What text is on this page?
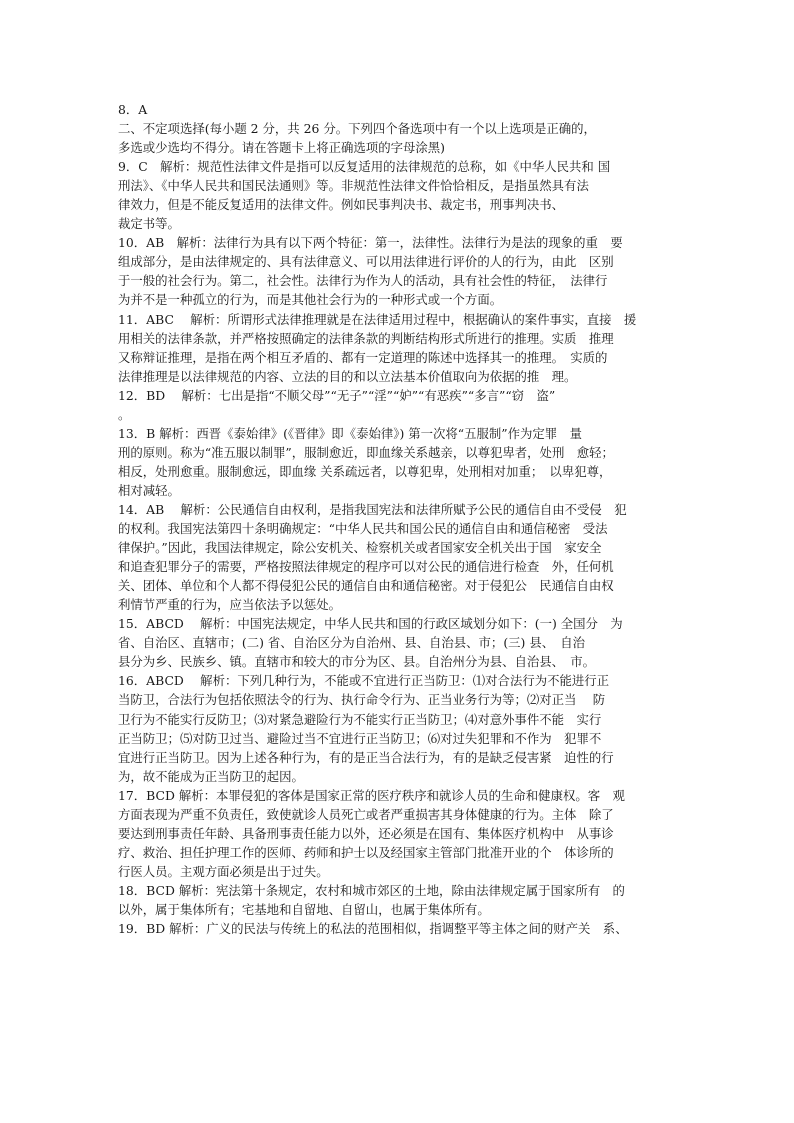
8．A
二、不定项选择(每小题 2 分，共 26 分。下列四个备选项中有一个以上选项是正确的，
多选或少选均不得分。请在答题卡上将正确选项的字母涂黑)
9．C　解析：规范性法律文件是指可以反复适用的法律规范的总称，如《中华人民共和 国
刑法》、《中华人民共和国民法通则》等。非规范性法律文件恰恰相反，是指虽然具有法
律效力，但是不能反复适用的法律文件。例如民事判决书、裁定书，刑事判决书、
裁定书等。
10．AB　解析：法律行为具有以下两个特征：第一，法律性。法律行为是法的现象的重　要
组成部分，是由法律规定的、具有法律意义、可以用法律进行评价的人的行为，由此　区别
于一般的社会行为。第二，社会性。法律行为作为人的活动，具有社会性的特征，　法律行
为并不是一种孤立的行为，而是其他社会行为的一种形式或一个方面。
11．ABC　 解析：所谓形式法律推理就是在法律适用过程中，根据确认的案件事实，直接　援
用相关的法律条款，并严格按照确定的法律条款的判断结构形式所进行的推理。实质　推理
又称辩证推理，是指在两个相互矛盾的、都有一定道理的陈述中选择其一的推理。　实质的
法律推理是以法律规范的内容、立法的目的和以立法基本价值取向为依据的推　理。
12．BD　 解析：七出是指“不顺父母”“无子”“淫”“妒”“有恶疾”“多言”“窃　盗”
。
13．B 解析：西晋《泰始律》(《晋律》即《泰始律》) 第一次将“五服制”作为定罪　量
刑的原则。称为“准五服以制罪”，服制愈近，即血缘关系越亲，以尊犯卑者，处刑　愈轻；
相反，处刑愈重。服制愈远，即血缘 关系疏远者，以尊犯卑，处刑相对加重；　以卑犯尊，
相对减轻。
14．AB　 解析：公民通信自由权利，是指我国宪法和法律所赋予公民的通信自由不受侵　犯
的权利。我国宪法第四十条明确规定：“中华人民共和国公民的通信自由和通信秘密　受法
律保护。”因此，我国法律规定，除公安机关、检察机关或者国家安全机关出于国　家安全
和追查犯罪分子的需要，严格按照法律规定的程序可以对公民的通信进行检查　外，任何机
关、团体、单位和个人都不得侵犯公民的通信自由和通信秘密。对于侵犯公　民通信自由权
利情节严重的行为，应当依法予以惩处。
15．ABCD　 解析：中国宪法规定，中华人民共和国的行政区域划分如下：(一) 全国分　为
省、自治区、直辖市；(二) 省、自治区分为自治州、县、自治县、市；(三) 县、　自治
县分为乡、民族乡、镇。直辖市和较大的市分为区、县。自治州分为县、自治县、　市。
16．ABCD　 解析：下列几种行为，不能或不宜进行正当防卫：⑴对合法行为不能进行正
当防卫，合法行为包括依照法令的行为、执行命令行为、正当业务行为等；⑵对正当　 防
卫行为不能实行反防卫；⑶对紧急避险行为不能实行正当防卫；⑷对意外事件不能　实行
正当防卫；⑸对防卫过当、避险过当不宜进行正当防卫；⑹对过失犯罪和不作为　犯罪不
宜进行正当防卫。因为上述各种行为，有的是正当合法行为，有的是缺乏侵害紧　迫性的行
为，故不能成为正当防卫的起因。
17．BCD 解析：本罪侵犯的客体是国家正常的医疗秩序和就诊人员的生命和健康权。客　观
方面表现为严重不负责任，致使就诊人员死亡或者严重损害其身体健康的行为。主体　除了
要达到刑事责任年龄、具备刑事责任能力以外，还必须是在国有、集体医疗机构中　从事诊
疗、救治、担任护理工作的医师、药师和护士以及经国家主管部门批准开业的个　体诊所的
行医人员。主观方面必须是出于过失。
18．BCD 解析：宪法第十条规定，农村和城市郊区的土地，除由法律规定属于国家所有　的
以外，属于集体所有；宅基地和自留地、自留山，也属于集体所有。
19．BD 解析：广义的民法与传统上的私法的范围相似，指调整平等主体之间的财产关　系、
